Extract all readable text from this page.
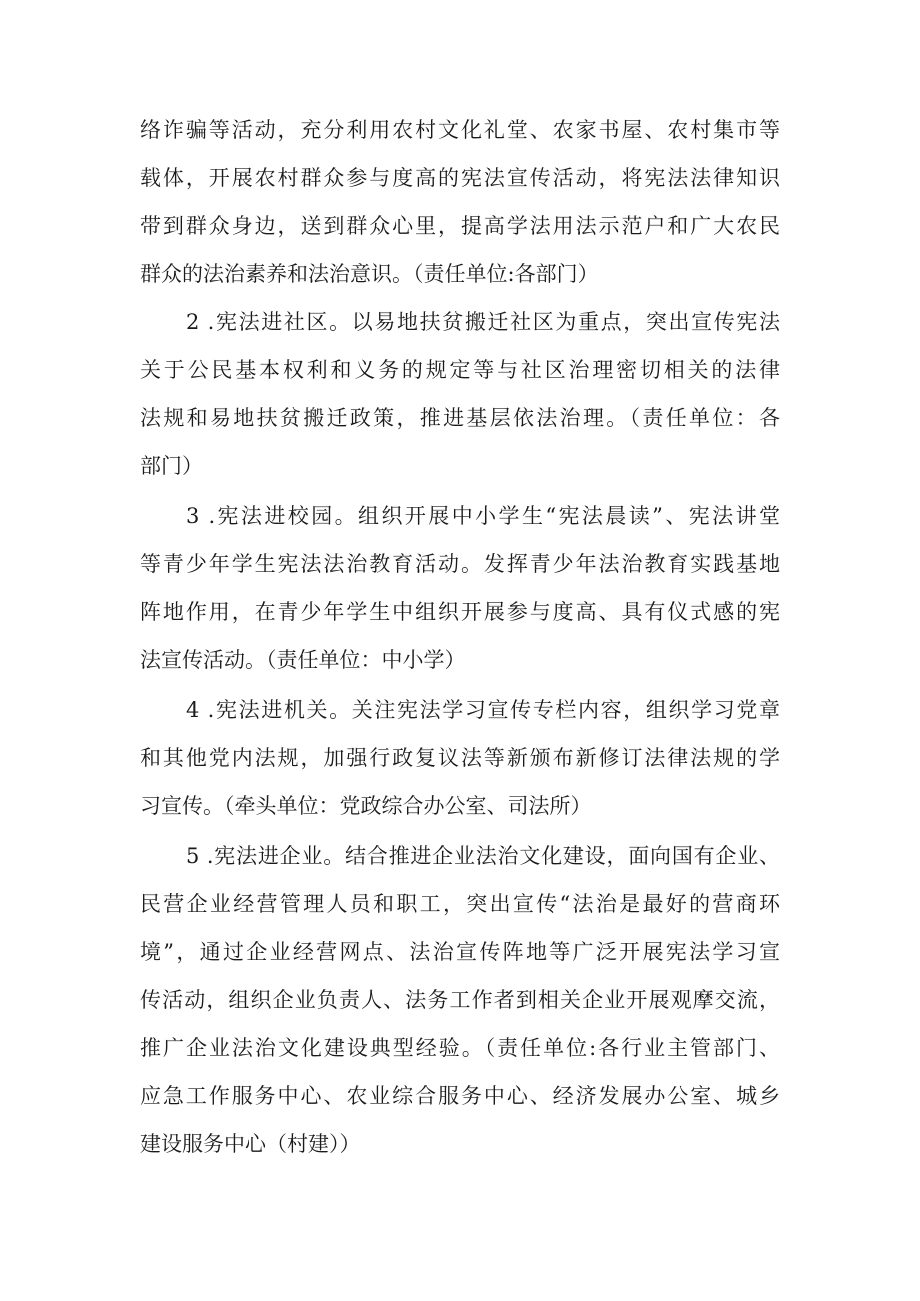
络诈骗等活动，充分利用农村文化礼堂、农家书屋、农村集市等
载体，开展农村群众参与度高的宪法宣传活动，将宪法法律知识
带到群众身边，送到群众心里，提高学法用法示范户和广大农民
群众的法治素养和法治意识。（责任单位:各部门）
2 .宪法进社区。以易地扶贫搬迁社区为重点，突出宣传宪法
关于公民基本权利和义务的规定等与社区治理密切相关的法律
法规和易地扶贫搬迁政策，推进基层依法治理。（责任单位：各
部门）
3 .宪法进校园。组织开展中小学生“宪法晨读”、宪法讲堂
等青少年学生宪法法治教育活动。发挥青少年法治教育实践基地
阵地作用，在青少年学生中组织开展参与度高、具有仪式感的宪
法宣传活动。（责任单位：中小学）
4 .宪法进机关。关注宪法学习宣传专栏内容，组织学习党章
和其他党内法规，加强行政复议法等新颁布新修订法律法规的学
习宣传。（牵头单位：党政综合办公室、司法所）
5 .宪法进企业。结合推进企业法治文化建设，面向国有企业、
民营企业经营管理人员和职工，突出宣传“法治是最好的营商环
境”，通过企业经营网点、法治宣传阵地等广泛开展宪法学习宣
传活动，组织企业负责人、法务工作者到相关企业开展观摩交流，
推广企业法治文化建设典型经验。（责任单位:各行业主管部门、
应急工作服务中心、农业综合服务中心、经济发展办公室、城乡
建设服务中心（村建））
